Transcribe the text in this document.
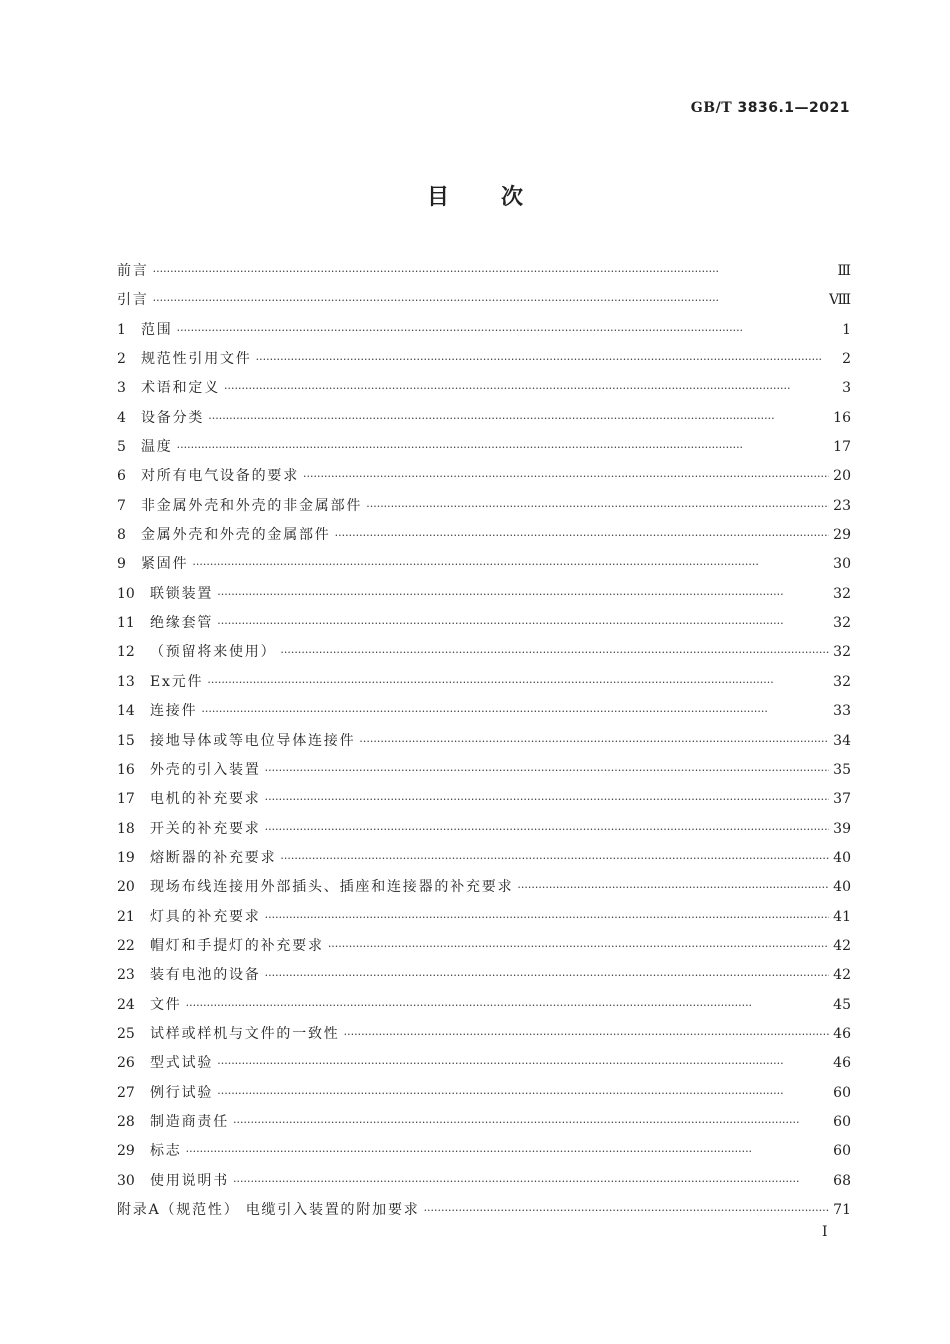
GB/T 3836.1—2021
目次
前言 ·····	Ⅲ
引言 ·····	Ⅷ
1	范围 ·····	1
2	规范性引用文件 ·····	2
3	术语和定义 ·····	3
4	设备分类 ·····	16
5	温度 ·····	17
6	对所有电气设备的要求 ·····	20
7	非金属外壳和外壳的非金属部件 ·····	23
8	金属外壳和外壳的金属部件 ·····	29
9	紧固件 ·····	30
10	联锁装置 ·····	32
11	绝缘套管 ·····	32
12	（预留将来使用） ·····	32
13	Ex元件 ·····	32
14	连接件 ·····	33
15	接地导体或等电位导体连接件 ·····	34
16	外壳的引入装置 ·····	35
17	电机的补充要求 ·····	37
18	开关的补充要求 ·····	39
19	熔断器的补充要求 ·····	40
20	现场布线连接用外部插头、插座和连接器的补充要求 ·····	40
21	灯具的补充要求 ·····	41
22	帽灯和手提灯的补充要求 ·····	42
23	装有电池的设备 ·····	42
24	文件 ·····	45
25	试样或样机与文件的一致性 ·····	46
26	型式试验 ·····	46
27	例行试验 ·····	60
28	制造商责任 ·····	60
29	标志 ·····	60
30	使用说明书 ·····	68
附录A（规范性） 电缆引入装置的附加要求 ·····	71
Ⅰ
